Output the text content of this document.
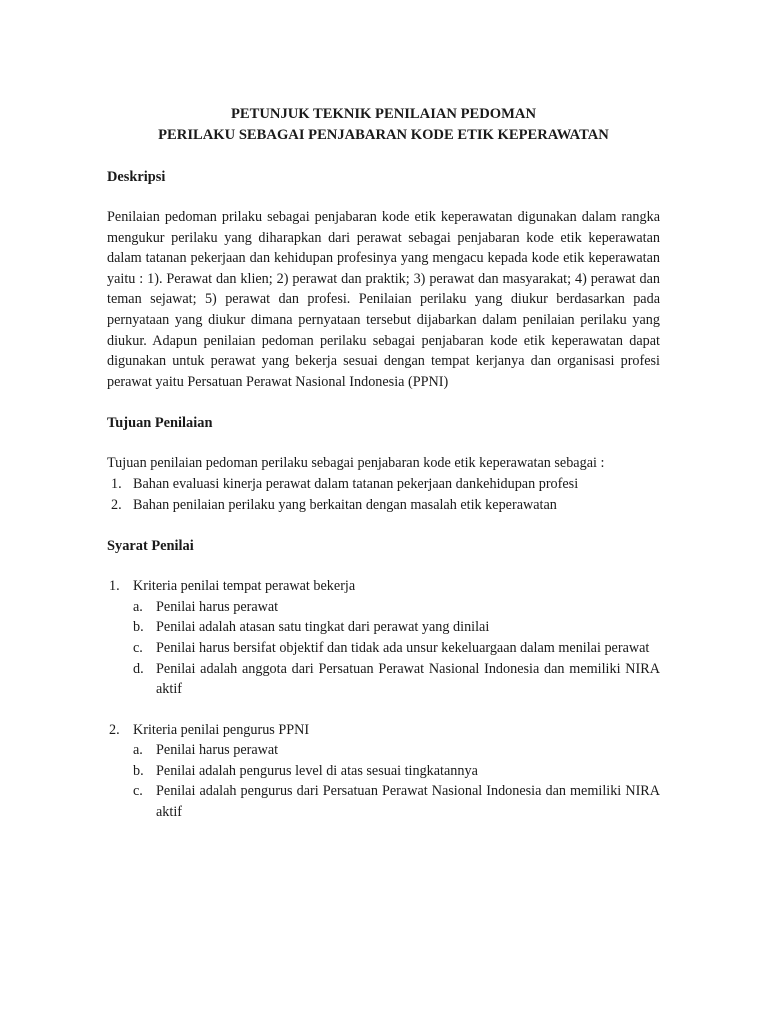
PETUNJUK TEKNIK PENILAIAN PEDOMAN
PERILAKU SEBAGAI PENJABARAN KODE ETIK KEPERAWATAN

Deskripsi

Penilaian pedoman prilaku sebagai penjabaran kode etik keperawatan digunakan dalam rangka mengukur perilaku yang diharapkan dari perawat sebagai penjabaran kode etik keperawatan dalam tatanan pekerjaan dan kehidupan profesinya yang mengacu kepada kode etik keperawatan yaitu : 1). Perawat dan klien; 2) perawat dan praktik; 3) perawat dan masyarakat; 4) perawat dan teman sejawat; 5) perawat dan profesi. Penilaian perilaku yang diukur berdasarkan pada pernyataan yang diukur dimana pernyataan tersebut dijabarkan dalam penilaian perilaku yang diukur. Adapun penilaian pedoman perilaku sebagai penjabaran kode etik keperawatan dapat digunakan untuk perawat yang bekerja sesuai dengan tempat kerjanya dan organisasi profesi perawat yaitu Persatuan Perawat Nasional Indonesia (PPNI)

Tujuan Penilaian

Tujuan penilaian pedoman perilaku sebagai penjabaran kode etik keperawatan sebagai :

1. Bahan evaluasi kinerja perawat dalam tatanan pekerjaan dankehidupan profesi
2. Bahan penilaian perilaku yang berkaitan dengan masalah etik keperawatan

Syarat Penilai

1. Kriteria penilai tempat perawat bekerja
a. Penilai harus perawat
b. Penilai adalah atasan satu tingkat dari perawat yang dinilai
c. Penilai harus bersifat objektif dan tidak ada unsur kekeluargaan dalam menilai perawat
d. Penilai adalah anggota dari Persatuan Perawat Nasional Indonesia dan memiliki NIRA aktif
2. Kriteria penilai pengurus PPNI
a. Penilai harus perawat
b. Penilai adalah pengurus level di atas sesuai tingkatannya
c. Penilai adalah pengurus dari Persatuan Perawat Nasional Indonesia dan memiliki NIRA aktif
